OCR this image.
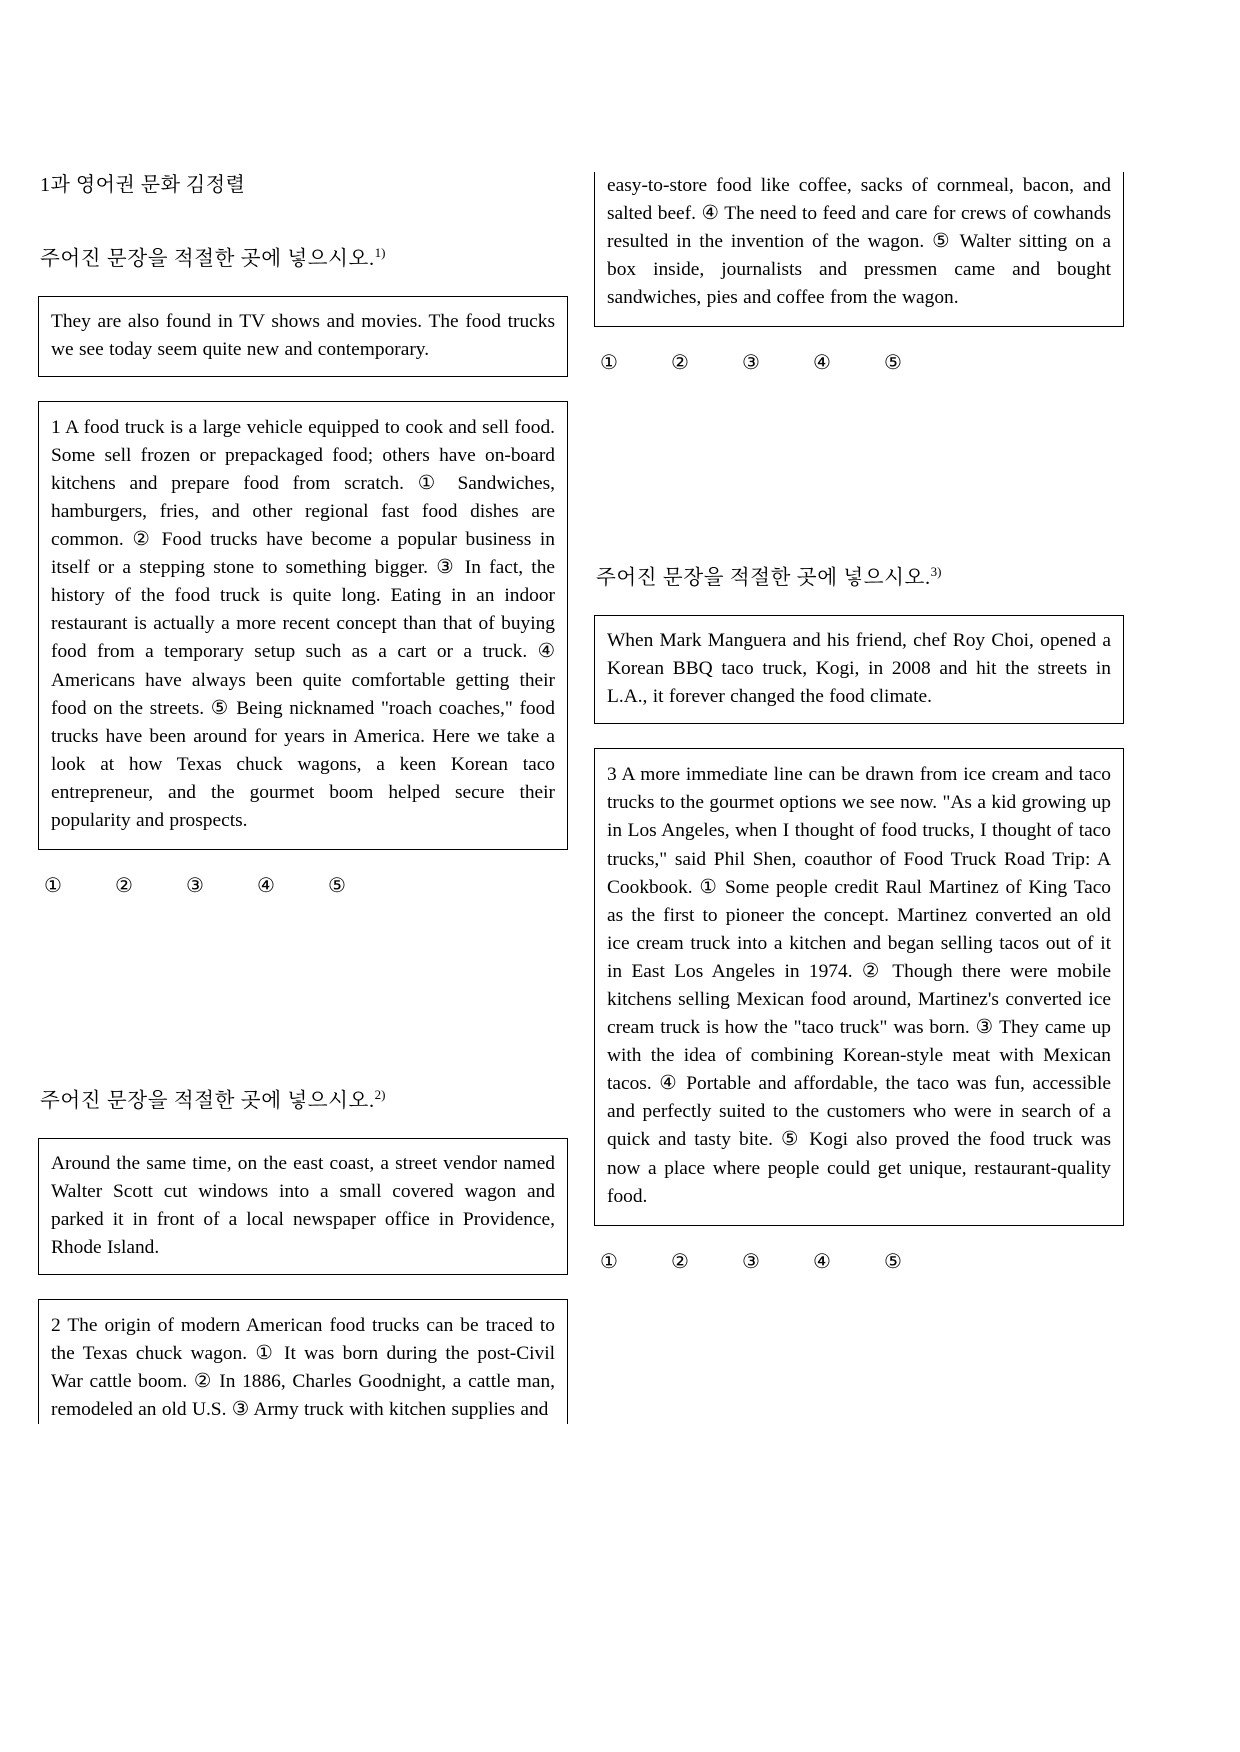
1과 영어권 문화 김정렬
주어진 문장을 적절한 곳에 넣으시오.$^{1)}$

They are also found in TV shows and movies. The food trucks we see today seem quite new and contemporary.

1 A food truck is a large vehicle equipped to cook and sell food. Some sell frozen or prepackaged food; others have on-board kitchens and prepare food from scratch. ① Sandwiches, hamburgers, fries, and other regional fast food dishes are common. ② Food trucks have become a popular business in itself or a stepping stone to something bigger. ③ In fact, the history of the food truck is quite long. Eating in an indoor restaurant is actually a more recent concept than that of buying food from a temporary setup such as a cart or a truck. ④ Americans have always been quite comfortable getting their food on the streets. ⑤ Being nicknamed "roach coaches," food trucks have been around for years in America. Here we take a look at how Texas chuck wagons, a keen Korean taco entrepreneur, and the gourmet boom helped secure their popularity and prospects.

①	②	③	④	⑤
주어진 문장을 적절한 곳에 넣으시오.$^{2)}$

Around the same time, on the east coast, a street vendor named Walter Scott cut windows into a small covered wagon and parked it in front of a local newspaper office in Providence, Rhode Island.

2 The origin of modern American food trucks can be traced to the Texas chuck wagon. ① It was born during the post-Civil War cattle boom. ② In 1886, Charles Goodnight, a cattle man, remodeled an old U.S. ③ Army truck with kitchen supplies and

easy-to-store food like coffee, sacks of cornmeal, bacon, and salted beef. ④ The need to feed and care for crews of cowhands resulted in the invention of the wagon. ⑤ Walter sitting on a box inside, journalists and pressmen came and bought sandwiches, pies and coffee from the wagon.

①	②	③	④	⑤
주어진 문장을 적절한 곳에 넣으시오.$^{3)}$

When Mark Manguera and his friend, chef Roy Choi, opened a Korean BBQ taco truck, Kogi, in 2008 and hit the streets in L.A., it forever changed the food climate.

3 A more immediate line can be drawn from ice cream and taco trucks to the gourmet options we see now. "As a kid growing up in Los Angeles, when I thought of food trucks, I thought of taco trucks," said Phil Shen, coauthor of Food Truck Road Trip: A Cookbook. ① Some people credit Raul Martinez of King Taco as the first to pioneer the concept. Martinez converted an old ice cream truck into a kitchen and began selling tacos out of it in East Los Angeles in 1974. ② Though there were mobile kitchens selling Mexican food around, Martinez's converted ice cream truck is how the "taco truck" was born. ③ They came up with the idea of combining Korean-style meat with Mexican tacos. ④ Portable and affordable, the taco was fun, accessible and perfectly suited to the customers who were in search of a quick and tasty bite. ⑤ Kogi also proved the food truck was now a place where people could get unique, restaurant-quality food.

①	②	③	④	⑤
